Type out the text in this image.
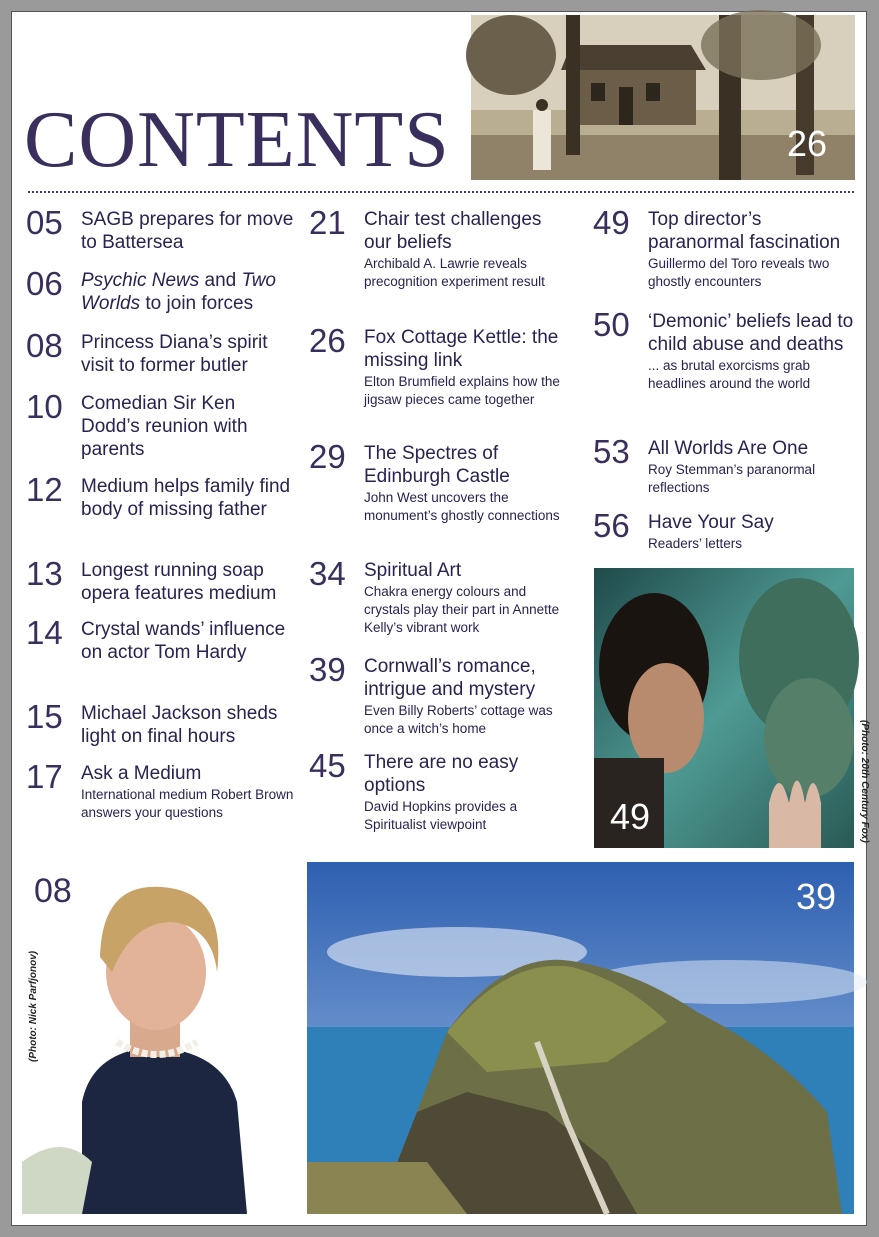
CONTENTS	26
05 SAGB prepares for move to Battersea
06 Psychic News and Two Worlds to join forces
08 Princess Diana’s spirit visit to former butler
10 Comedian Sir Ken Dodd’s reunion with parents
12 Medium helps family find body of missing father
13 Longest running soap opera features medium
14 Crystal wands’ influence on actor Tom Hardy
15 Michael Jackson sheds light on final hours
17 Ask a Medium
International medium Robert Brown answers your questions
21 Chair test challenges our beliefs
Archibald A. Lawrie reveals precognition experiment result
26 Fox Cottage Kettle: the missing link
Elton Brumfield explains how the jigsaw pieces came together
29 The Spectres of Edinburgh Castle
John West uncovers the monument’s ghostly connections
34 Spiritual Art
Chakra energy colours and crystals play their part in Annette Kelly’s vibrant work
39 Cornwall’s romance, intrigue and mystery
Even Billy Roberts’ cottage was once a witch’s home
45 There are no easy options
David Hopkins provides a Spiritualist viewpoint
49 Top director’s paranormal fascination
Guillermo del Toro reveals two ghostly encounters
50 ‘Demonic’ beliefs lead to child abuse and deaths
... as brutal exorcisms grab headlines around the world
53 All Worlds Are One
Roy Stemman’s paranormal reflections
56 Have Your Say
Readers’ letters
49	(Photo: 20th Century Fox)
08
(Photo: Nick Parfjonov)
39
